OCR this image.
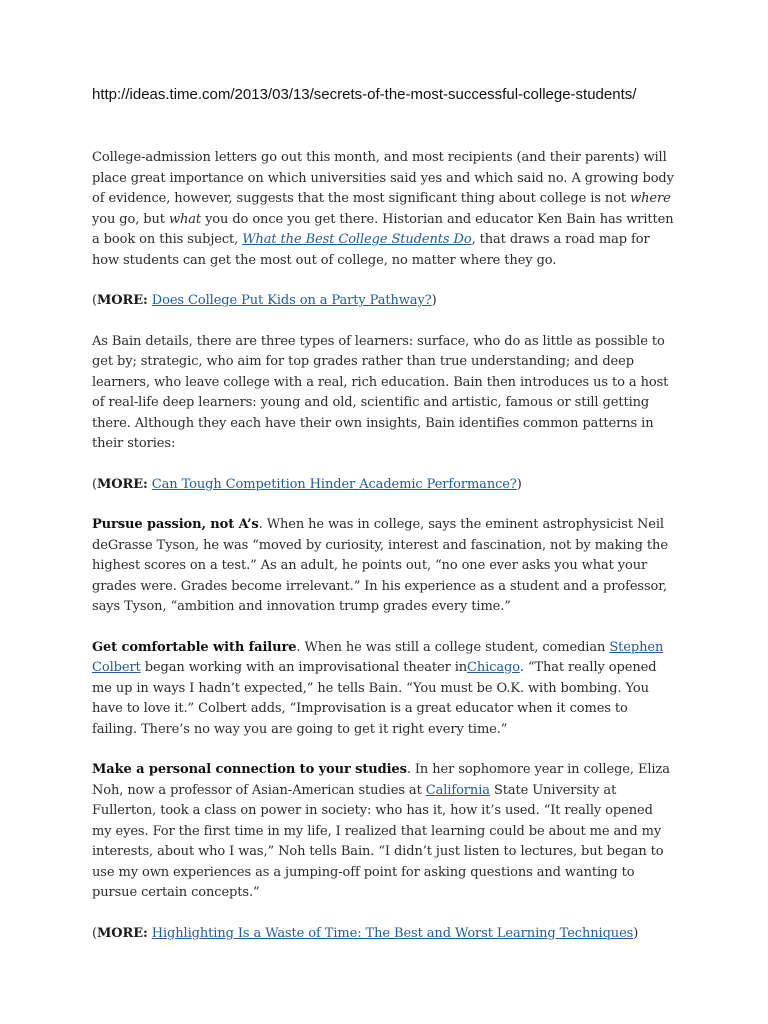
http://ideas.time.com/2013/03/13/secrets-of-the-most-successful-college-students/

College-admission letters go out this month, and most recipients (and their parents) will place great importance on which universities said yes and which said no. A growing body of evidence, however, suggests that the most significant thing about college is not where you go, but what you do once you get there. Historian and educator Ken Bain has written a book on this subject, What the Best College Students Do, that draws a road map for how students can get the most out of college, no matter where they go.

(MORE: Does College Put Kids on a Party Pathway?)

As Bain details, there are three types of learners: surface, who do as little as possible to get by; strategic, who aim for top grades rather than true understanding; and deep learners, who leave college with a real, rich education. Bain then introduces us to a host of real-life deep learners: young and old, scientific and artistic, famous or still getting there. Although they each have their own insights, Bain identifies common patterns in their stories:

(MORE: Can Tough Competition Hinder Academic Performance?)

Pursue passion, not A’s. When he was in college, says the eminent astrophysicist Neil deGrasse Tyson, he was “moved by curiosity, interest and fascination, not by making the highest scores on a test.” As an adult, he points out, “no one ever asks you what your grades were. Grades become irrelevant.” In his experience as a student and a professor, says Tyson, “ambition and innovation trump grades every time.”

Get comfortable with failure. When he was still a college student, comedian Stephen Colbert began working with an improvisational theater inChicago. “That really opened me up in ways I hadn’t expected,” he tells Bain. “You must be O.K. with bombing. You have to love it.” Colbert adds, “Improvisation is a great educator when it comes to failing. There’s no way you are going to get it right every time.”

Make a personal connection to your studies. In her sophomore year in college, Eliza Noh, now a professor of Asian-American studies at California State University at Fullerton, took a class on power in society: who has it, how it’s used. “It really opened my eyes. For the first time in my life, I realized that learning could be about me and my interests, about who I was,” Noh tells Bain. “I didn’t just listen to lectures, but began to use my own experiences as a jumping-off point for asking questions and wanting to pursue certain concepts.”

(MORE: Highlighting Is a Waste of Time: The Best and Worst Learning Techniques)
